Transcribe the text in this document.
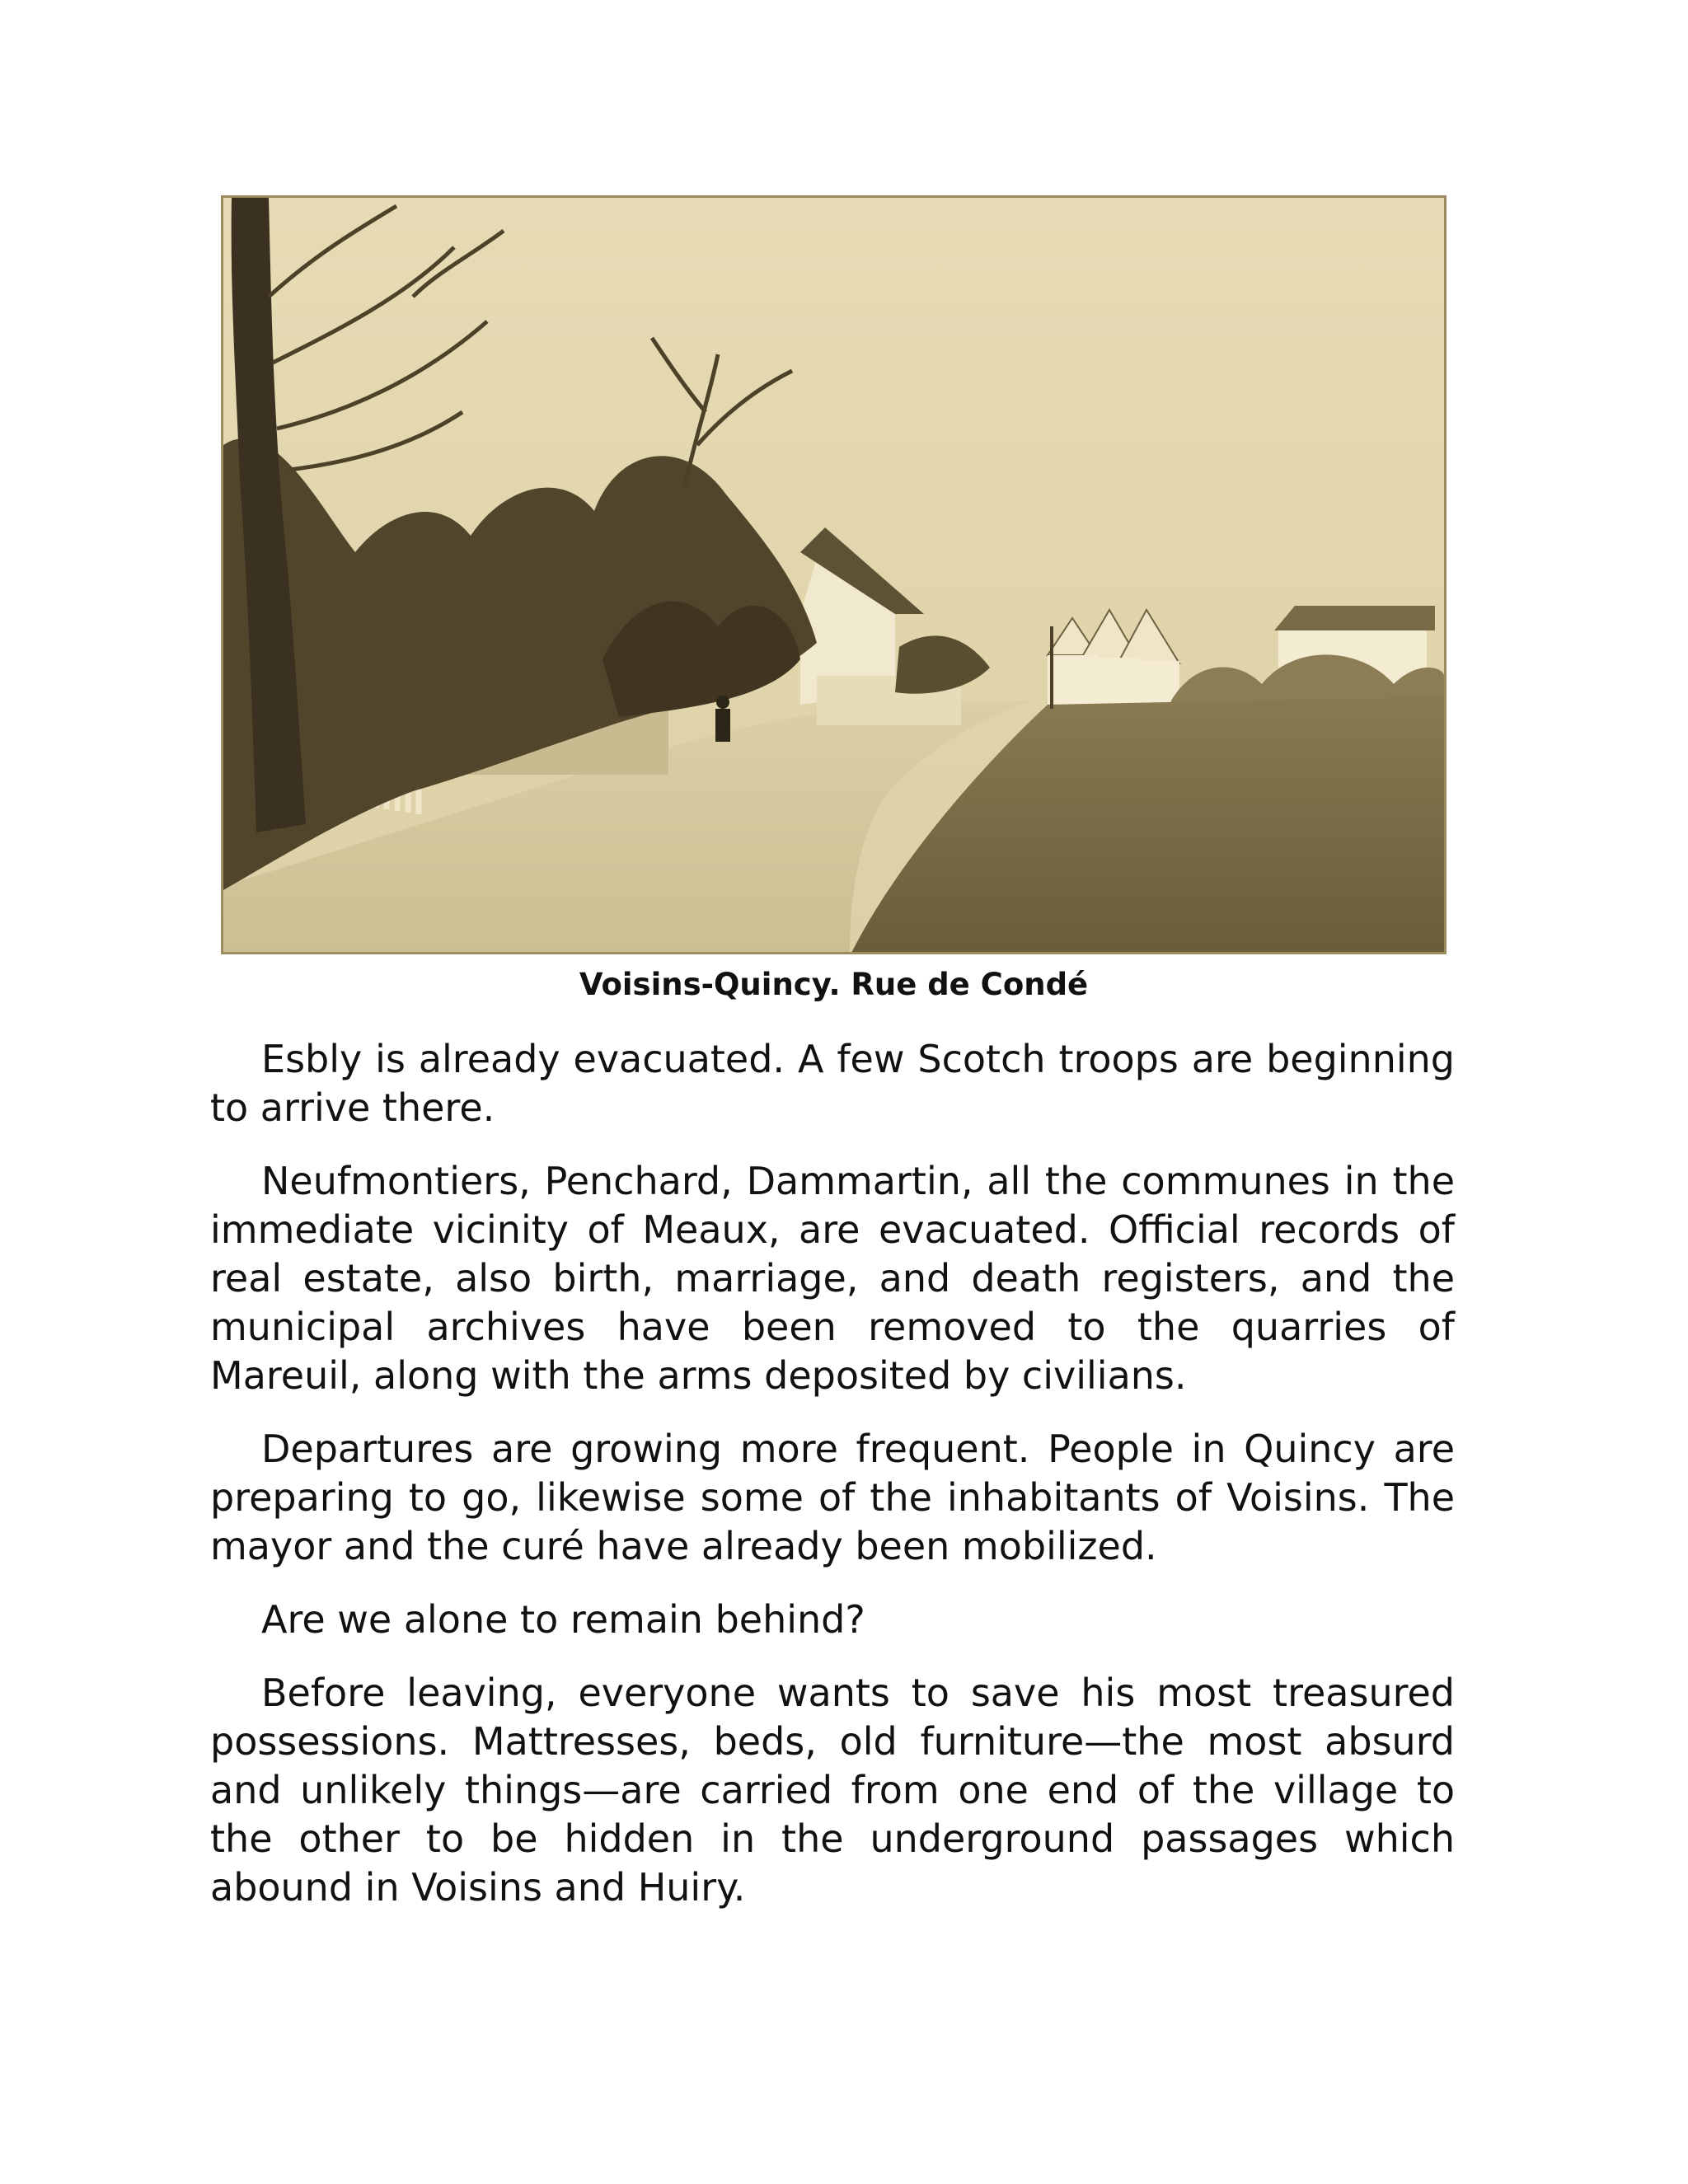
Voisins-Quincy. Rue de Condé

Esbly is already evacuated. A few Scotch troops are beginning to arrive there.

Neufmontiers, Penchard, Dammartin, all the communes in the immediate vicinity of Meaux, are evacuated. Official records of real estate, also birth, marriage, and death registers, and the municipal archives have been removed to the quarries of Mareuil, along with the arms deposited by civilians.

Departures are growing more frequent. People in Quincy are preparing to go, likewise some of the inhabitants of Voisins. The mayor and the curé have already been mobilized.

Are we alone to remain behind?

Before leaving, everyone wants to save his most treasured possessions. Mattresses, beds, old furniture—the most absurd and unlikely things—are carried from one end of the village to the other to be hidden in the underground passages which abound in Voisins and Huiry.
